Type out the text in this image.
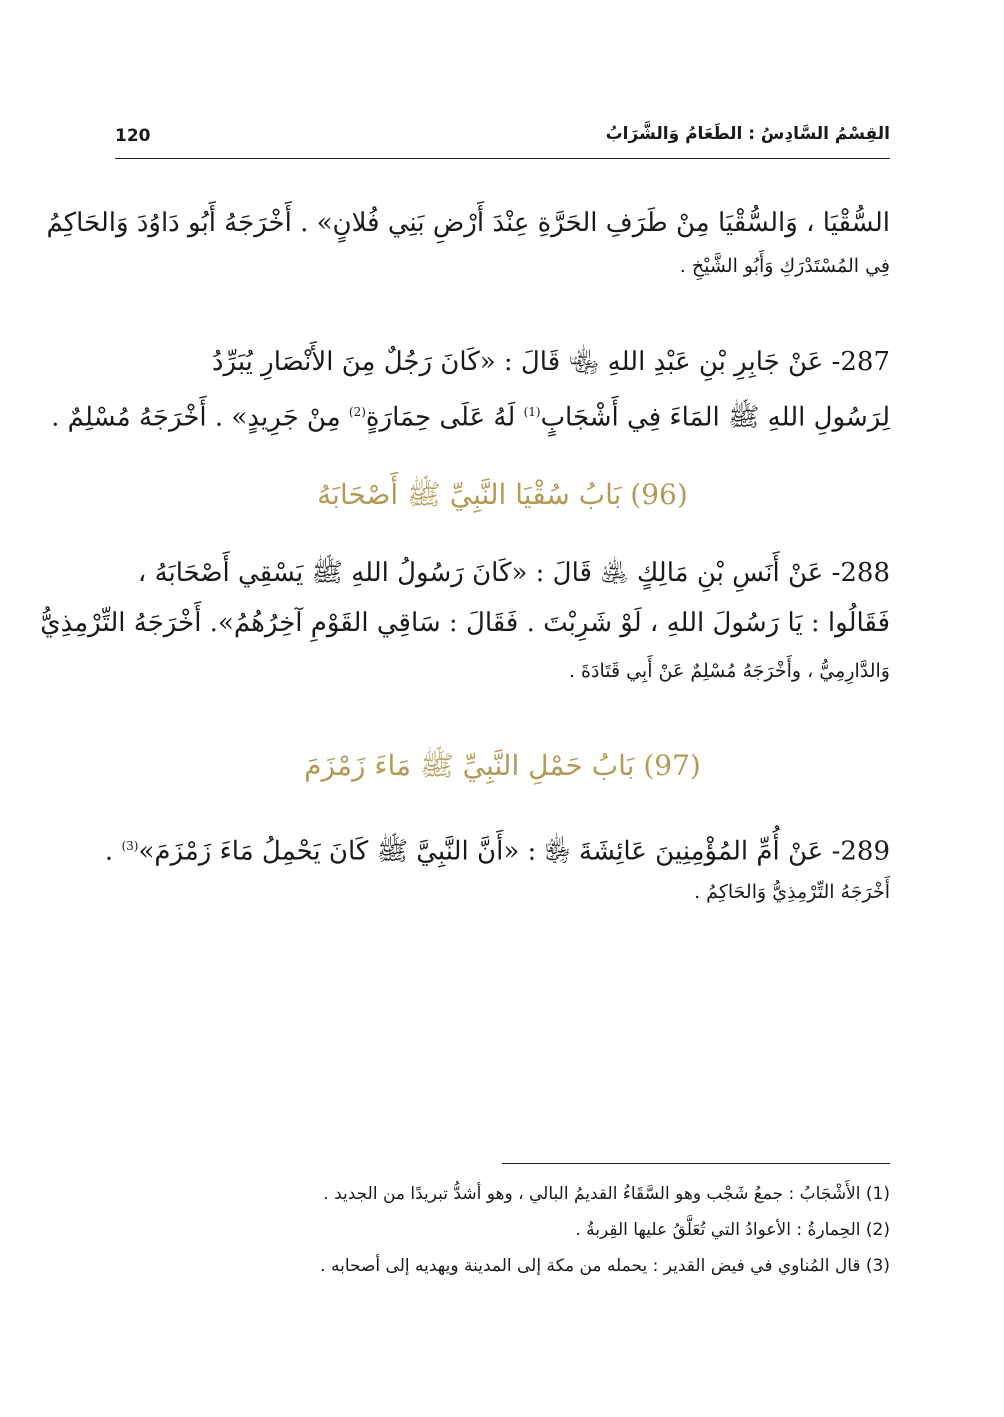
القِسْمُ السَّادِسُ : الطَعَامُ وَالشَّرَابُ
120
السُّقْيَا ، وَالسُّقْيَا مِنْ طَرَفِ الحَرَّةِ عِنْدَ أَرْضِ بَنِي فُلانٍ» . أَخْرَجَهُ أَبُو دَاوُدَ وَالحَاكِمُ
فِي المُسْتَدْرَكِ وَأَبُو الشَّيْخِ .
287- عَنْ جَابِرِ بْنِ عَبْدِ اللهِ ﵄ قَالَ : «كَانَ رَجُلٌ مِنَ الأَنْصَارِ يُبَرِّدُ
لِرَسُولِ اللهِ ﷺ المَاءَ فِي أَشْجَابٍ$^{(1)}$ لَهُ عَلَى حِمَارَةٍ$^{(2)}$ مِنْ جَرِيدٍ» . أَخْرَجَهُ مُسْلِمٌ .
(96) بَابُ سُقْيَا النَّبِيِّ ﷺ أَصْحَابَهُ
288- عَنْ أَنَسِ بْنِ مَالِكٍ ﵁ قَالَ : «كَانَ رَسُولُ اللهِ ﷺ يَسْقِي أَصْحَابَهُ ،
فَقَالُوا : يَا رَسُولَ اللهِ ، لَوْ شَرِبْتَ . فَقَالَ : سَاقِي القَوْمِ آخِرُهُمُ». أَخْرَجَهُ التِّرْمِذِيُّ
وَالدَّارِمِيُّ ، وأَخْرَجَهُ مُسْلِمٌ عَنْ أَبِي قَتَادَةَ .
(97) بَابُ حَمْلِ النَّبِيِّ ﷺ مَاءَ زَمْزَمَ
289- عَنْ أُمِّ المُؤْمِنِينَ عَائِشَةَ ﵂ : «أَنَّ النَّبِيَّ ﷺ كَانَ يَحْمِلُ مَاءَ زَمْزَمَ»$^{(3)}$ .
أَخْرَجَهُ التِّرْمِذِيُّ وَالحَاكِمُ .
(1) الأَشْجَابُ : جمعُ شَجْب وهو السَّقَاءُ القديمُ البالي ، وهو أشدُّ تبريدًا من الجديد .
(2) الحِمارةُ : الأعوادُ التي تُعَلَّقُ عليها القِربةُ .
(3) قال المُناوي في فيض القدير : يحمله من مكة إلى المدينة ويهديه إلى أصحابه .
